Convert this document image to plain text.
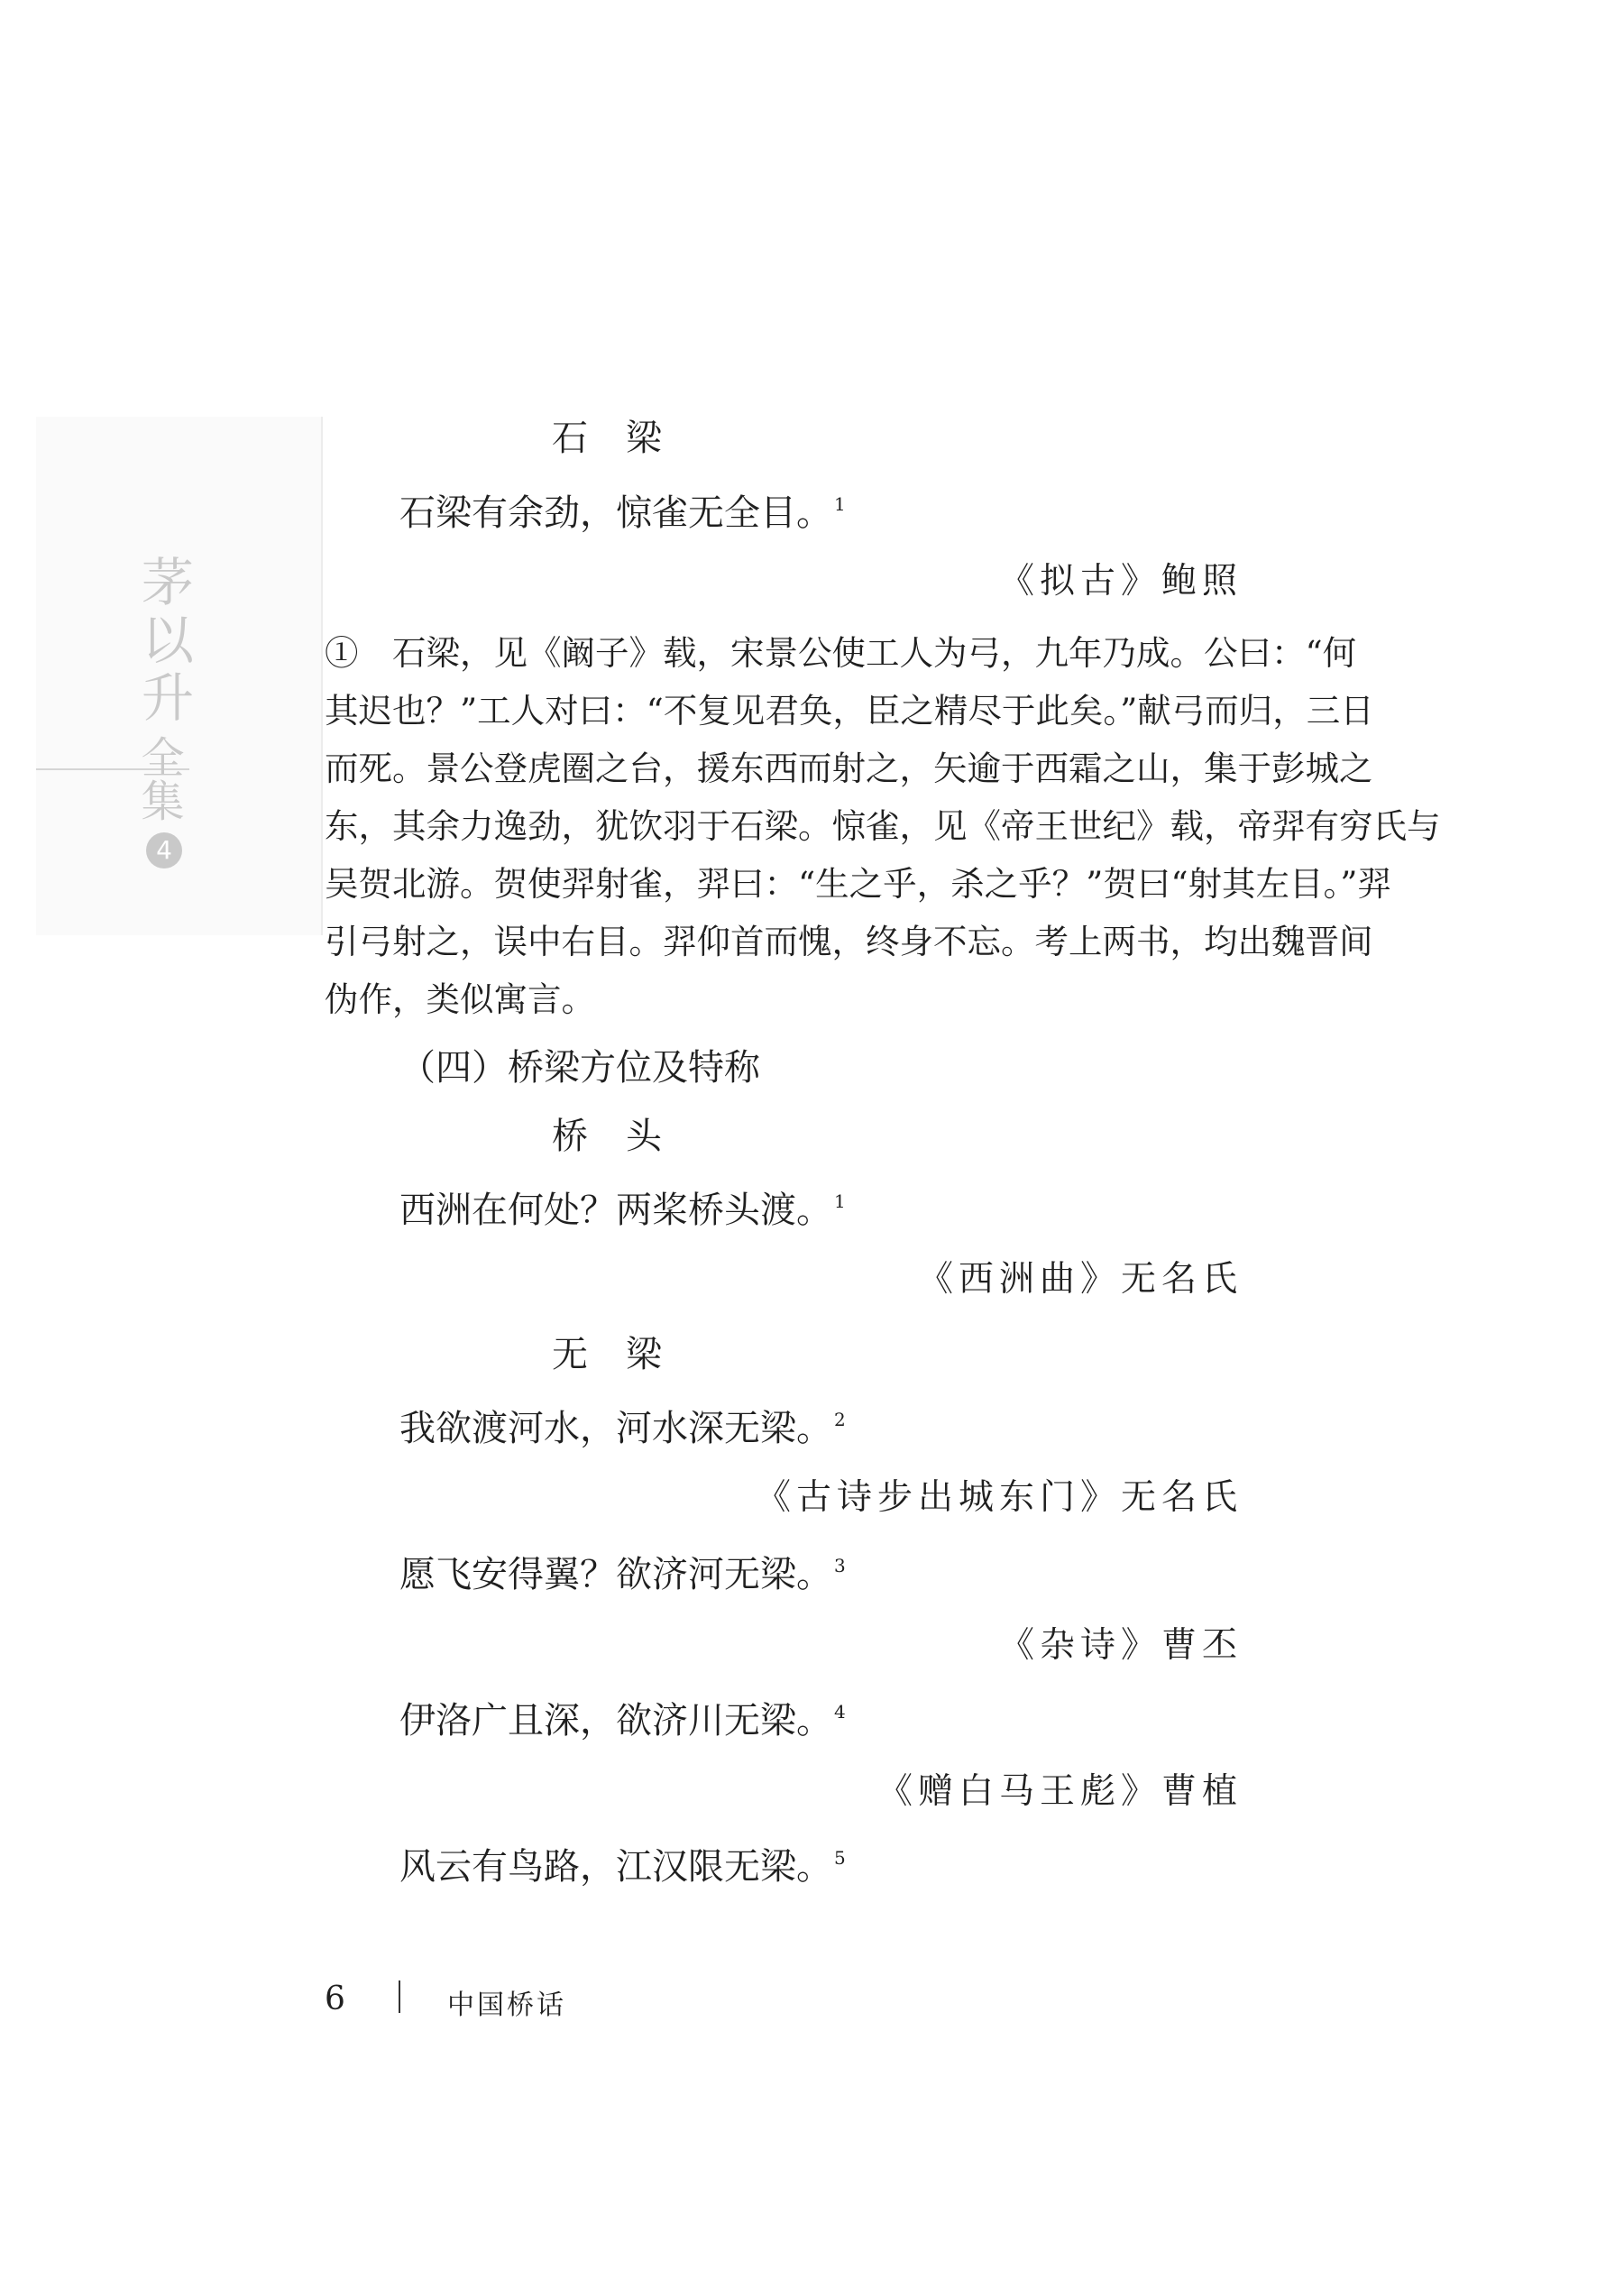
茅以升
全集
4
石梁
石梁有余劲，惊雀无全目。 $^1$
《拟古》鲍照
①　石梁，见《阚子》载，宋景公使工人为弓，九年乃成。公曰：“何
其迟也？”工人对曰：“不复见君奂，臣之精尽于此矣。”献弓而归，三日
而死。景公登虎圈之台，援东西而射之，矢逾于西霜之山，集于彭城之
东，其余力逸劲，犹饮羽于石梁。惊雀，见《帝王世纪》载，帝羿有穷氏与
吴贺北游。贺使羿射雀，羿曰：“生之乎，杀之乎？”贺曰“射其左目。”羿
引弓射之，误中右目。羿仰首而愧，终身不忘。考上两书，均出魏晋间
伪作，类似寓言。
（四）桥梁方位及特称
桥头
西洲在何处？两桨桥头渡。 $^1$
《西洲曲》无名氏
无梁
我欲渡河水，河水深无梁。 $^2$
《古诗步出城东门》无名氏
愿飞安得翼？欲济河无梁。 $^3$
《杂诗》曹丕
伊洛广且深，欲济川无梁。 $^4$
《赠白马王彪》曹植
风云有鸟路，江汉限无梁。 $^5$
6	中国桥话
